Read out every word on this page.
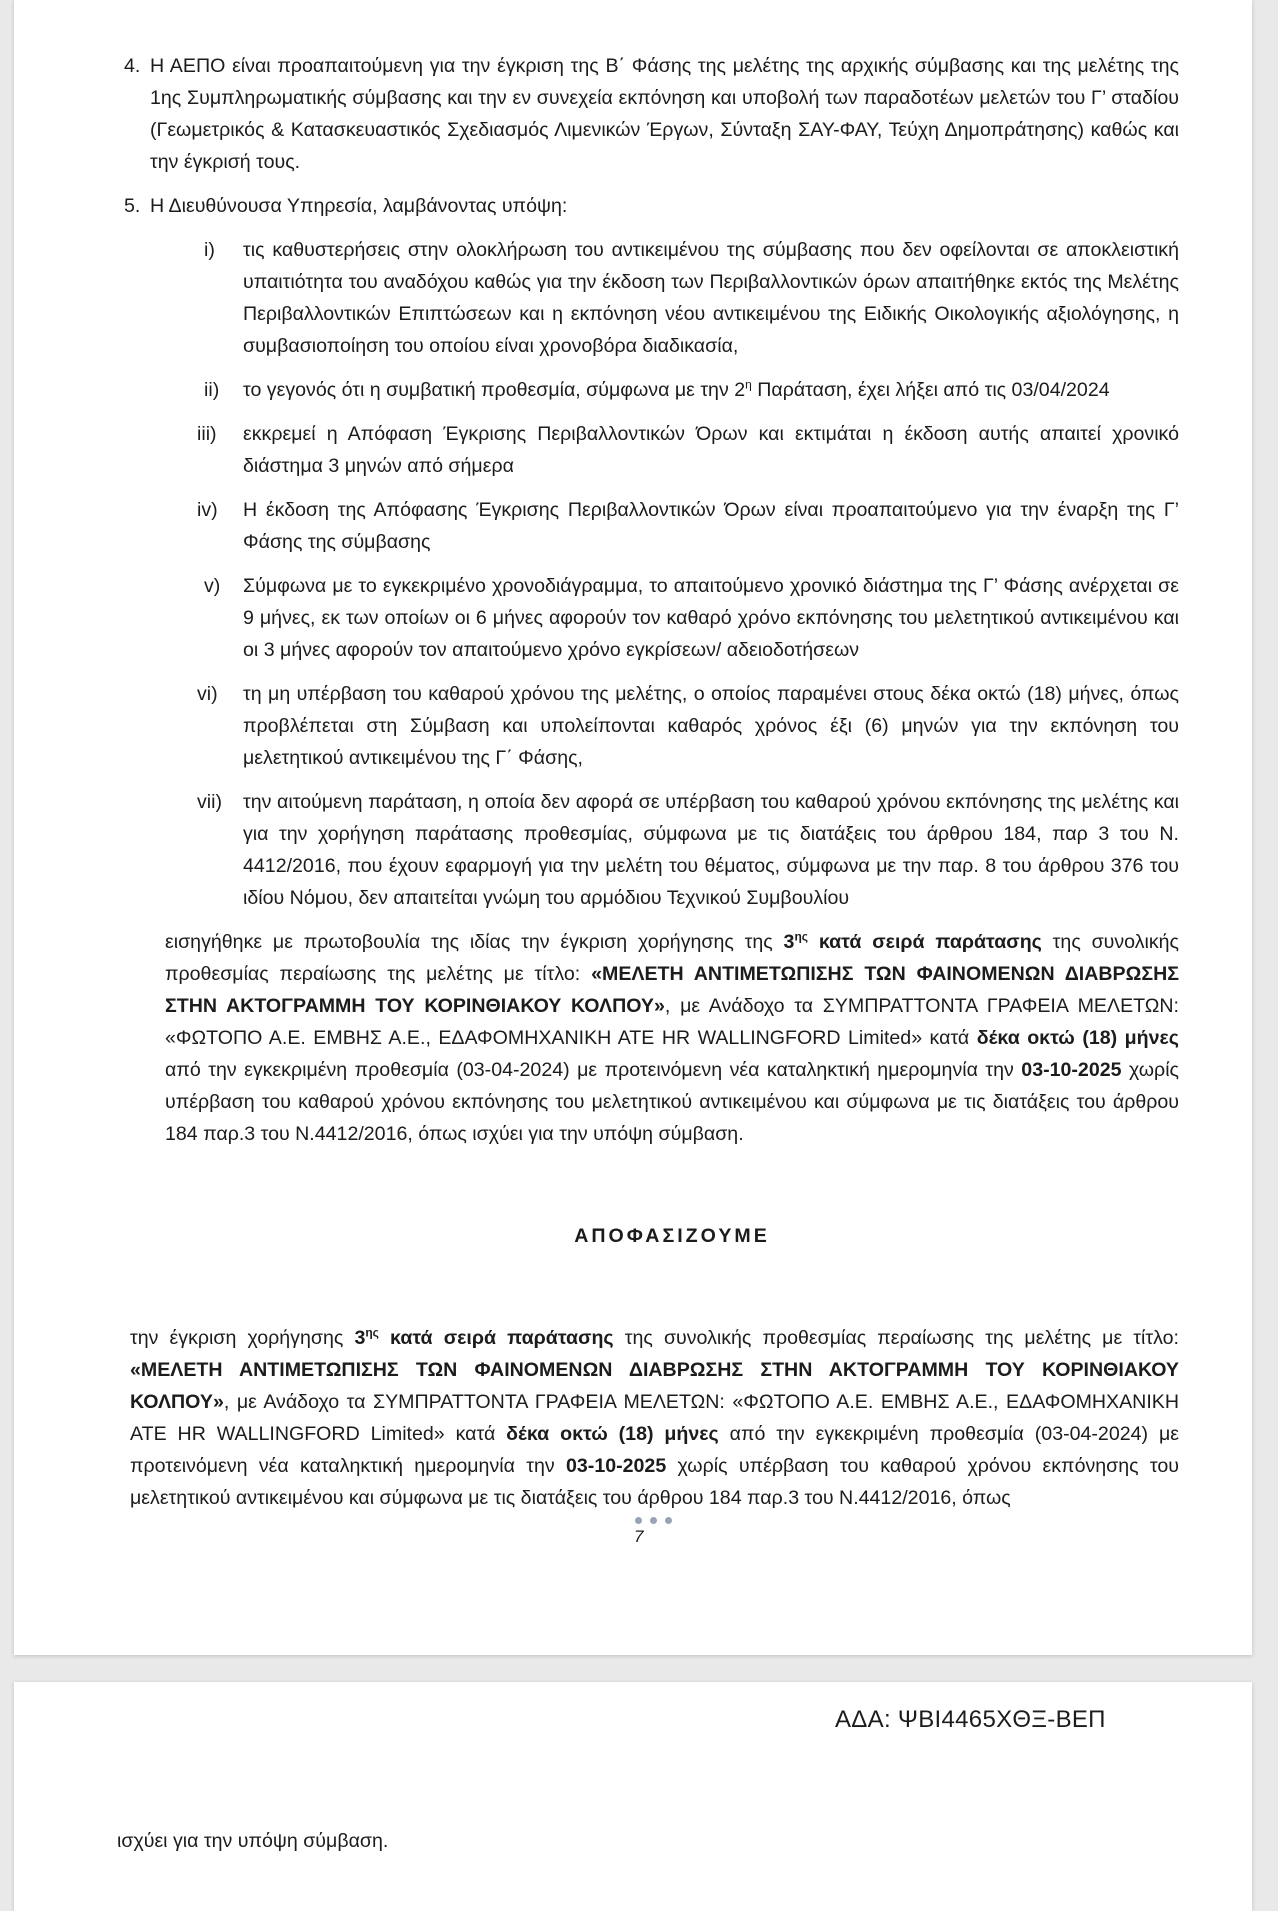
4. Η ΑΕΠΟ είναι προαπαιτούμενη για την έγκριση της Β΄ Φάσης της μελέτης της αρχικής σύμβασης και της μελέτης της 1ης Συμπληρωματικής σύμβασης και την εν συνεχεία εκπόνηση και υποβολή των παραδοτέων μελετών του Γ’ σταδίου (Γεωμετρικός & Κατασκευαστικός Σχεδιασμός Λιμενικών Έργων, Σύνταξη ΣΑΥ-ΦΑΥ, Τεύχη Δημοπράτησης) καθώς και την έγκρισή τους.
5. Η Διευθύνουσα Υπηρεσία, λαμβάνοντας υπόψη:
i) τις καθυστερήσεις στην ολοκλήρωση του αντικειμένου της σύμβασης που δεν οφείλονται σε αποκλειστική υπαιτιότητα του αναδόχου καθώς για την έκδοση των Περιβαλλοντικών όρων απαιτήθηκε εκτός της Μελέτης Περιβαλλοντικών Επιπτώσεων και η εκπόνηση νέου αντικειμένου της Ειδικής Οικολογικής αξιολόγησης, η συμβασιοποίηση του οποίου είναι χρονοβόρα διαδικασία,
ii) το γεγονός ότι η συμβατική προθεσμία, σύμφωνα με την $2^\eta$ Παράταση, έχει λήξει από τις 03/04/2024
iii) εκκρεμεί η Απόφαση Έγκρισης Περιβαλλοντικών Όρων και εκτιμάται η έκδοση αυτής απαιτεί χρονικό διάστημα 3 μηνών από σήμερα
iv) Η έκδοση της Απόφασης Έγκρισης Περιβαλλοντικών Όρων είναι προαπαιτούμενο για την έναρξη της Γ’ Φάσης της σύμβασης
v) Σύμφωνα με το εγκεκριμένο χρονοδιάγραμμα, το απαιτούμενο χρονικό διάστημα της Γ’ Φάσης ανέρχεται σε 9 μήνες, εκ των οποίων οι 6 μήνες αφορούν τον καθαρό χρόνο εκπόνησης του μελετητικού αντικειμένου και οι 3 μήνες αφορούν τον απαιτούμενο χρόνο εγκρίσεων/ αδειοδοτήσεων
vi) τη μη υπέρβαση του καθαρού χρόνου της μελέτης, ο οποίος παραμένει στους δέκα οκτώ (18) μήνες, όπως προβλέπεται στη Σύμβαση και υπολείπονται καθαρός χρόνος έξι (6) μηνών για την εκπόνηση του μελετητικού αντικειμένου της Γ΄ Φάσης,
vii) την αιτούμενη παράταση, η οποία δεν αφορά σε υπέρβαση του καθαρού χρόνου εκπόνησης της μελέτης και για την χορήγηση παράτασης προθεσμίας, σύμφωνα με τις διατάξεις του άρθρου 184, παρ 3 του Ν. 4412/2016, που έχουν εφαρμογή για την μελέτη του θέματος, σύμφωνα με την παρ. 8 του άρθρου 376 του ιδίου Νόμου, δεν απαιτείται γνώμη του αρμόδιου Τεχνικού Συμβουλίου
εισηγήθηκε με πρωτοβουλία της ιδίας την έγκριση χορήγησης της $3^{\eta\varsigma}$ κατά σειρά παράτασης της συνολικής προθεσμίας περαίωσης της μελέτης με τίτλο: «ΜΕΛΕΤΗ ΑΝΤΙΜΕΤΩΠΙΣΗΣ ΤΩΝ ΦΑΙΝΟΜΕΝΩΝ ΔΙΑΒΡΩΣΗΣ ΣΤΗΝ ΑΚΤΟΓΡΑΜΜΗ ΤΟΥ ΚΟΡΙΝΘΙΑΚΟΥ ΚΟΛΠΟΥ», με Ανάδοχο τα ΣΥΜΠΡΑΤΤΟΝΤΑ ΓΡΑΦΕΙΑ ΜΕΛΕΤΩΝ: «ΦΩΤΟΠΟ Α.Ε. ΕΜΒΗΣ Α.Ε., ΕΔΑΦΟΜΗΧΑΝΙΚΗ ΑΤΕ HR WALLINGFORD Limited» κατά δέκα οκτώ (18) μήνες από την εγκεκριμένη προθεσμία (03-04-2024) με προτεινόμενη νέα καταληκτική ημερομηνία την 03-10-2025 χωρίς υπέρβαση του καθαρού χρόνου εκπόνησης του μελετητικού αντικειμένου και σύμφωνα με τις διατάξεις του άρθρου 184 παρ.3 του Ν.4412/2016, όπως ισχύει για την υπόψη σύμβαση.
ΑΠΟΦΑΣΙΖΟΥΜΕ
την έγκριση χορήγησης $3^{\eta\varsigma}$ κατά σειρά παράτασης της συνολικής προθεσμίας περαίωσης της μελέτης με τίτλο: «ΜΕΛΕΤΗ ΑΝΤΙΜΕΤΩΠΙΣΗΣ ΤΩΝ ΦΑΙΝΟΜΕΝΩΝ ΔΙΑΒΡΩΣΗΣ ΣΤΗΝ ΑΚΤΟΓΡΑΜΜΗ ΤΟΥ ΚΟΡΙΝΘΙΑΚΟΥ ΚΟΛΠΟΥ», με Ανάδοχο τα ΣΥΜΠΡΑΤΤΟΝΤΑ ΓΡΑΦΕΙΑ ΜΕΛΕΤΩΝ: «ΦΩΤΟΠΟ Α.Ε. ΕΜΒΗΣ Α.Ε., ΕΔΑΦΟΜΗΧΑΝΙΚΗ ΑΤΕ HR WALLINGFORD Limited» κατά δέκα οκτώ (18) μήνες από την εγκεκριμένη προθεσμία (03-04-2024) με προτεινόμενη νέα καταληκτική ημερομηνία την 03-10-2025 χωρίς υπέρβαση του καθαρού χρόνου εκπόνησης του μελετητικού αντικειμένου και σύμφωνα με τις διατάξεις του άρθρου 184 παρ.3 του Ν.4412/2016, όπως
7
ΑΔΑ: ΨΒΙ4465ΧΘΞ-ΒΕΠ
ισχύει για την υπόψη σύμβαση.
